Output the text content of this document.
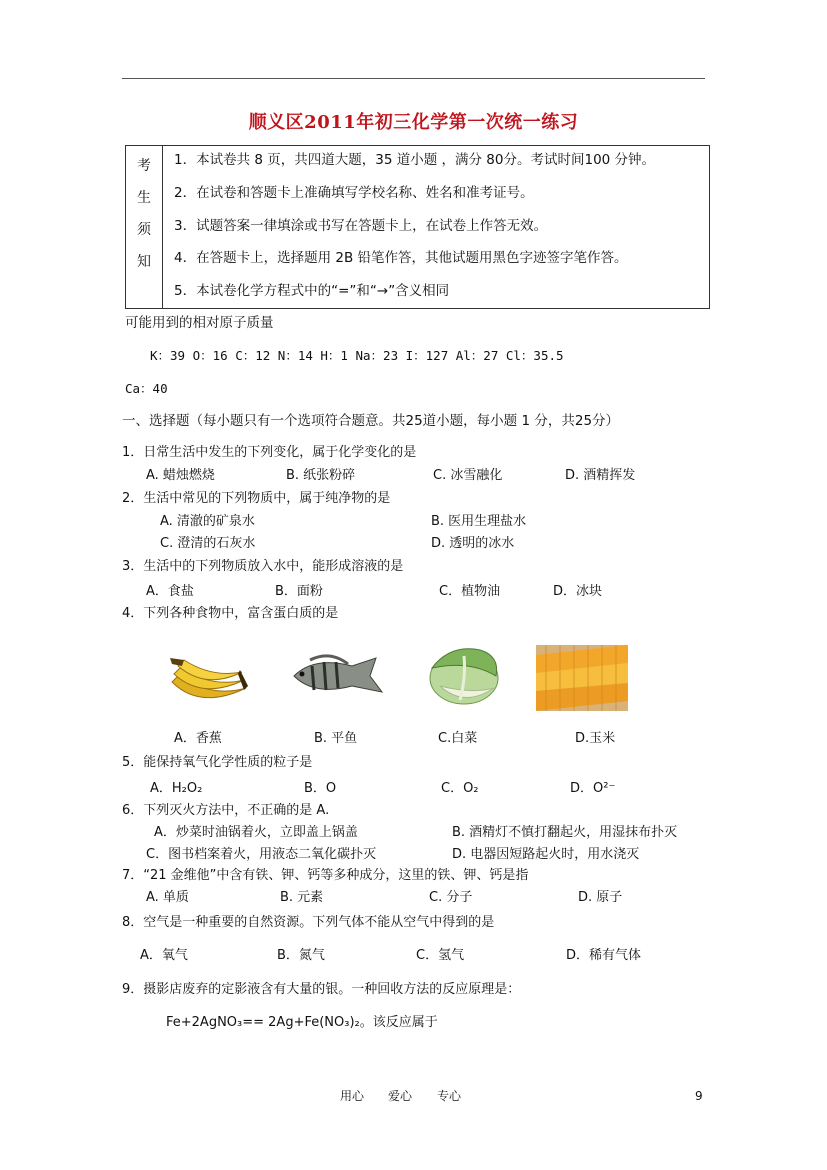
顺义区2011年初三化学第一次统一练习
考
生
须
知
1．本试卷共 8 页，共四道大题，35 道小题 ，满分 80分。考试时间100 分钟。
2．在试卷和答题卡上准确填写学校名称、姓名和准考证号。
3．试题答案一律填涂或书写在答题卡上，在试卷上作答无效。
4．在答题卡上，选择题用 2B 铅笔作答，其他试题用黑色字迹签字笔作答。
5．本试卷化学方程式中的“=”和“→”含义相同
可能用到的相对原子质量
K：39 O：16 C：12 N：14 H：1 Na：23 I：127 Al：27 Cl：35.5
Ca：40
一、选择题（每小题只有一个选项符合题意。共25道小题，每小题 1 分，共25分）
1．日常生活中发生的下列变化，属于化学变化的是
A. 蜡烛燃烧	B. 纸张粉碎	C. 冰雪融化	D. 酒精挥发
2．生活中常见的下列物质中，属于纯净物的是
A. 清澈的矿泉水	B. 医用生理盐水
C. 澄清的石灰水	D. 透明的冰水
3．生活中的下列物质放入水中，能形成溶液的是
A．食盐	B．面粉	C．植物油	D．冰块
4．下列各种食物中，富含蛋白质的是
A．香蕉	B. 平鱼	C.白菜	D.玉米
5．能保持氧气化学性质的粒子是
A．H₂O₂	B．O	C．O₂	D．O²⁻
6．下列灭火方法中，不正确的是 A.
A．炒菜时油锅着火，立即盖上锅盖	B. 酒精灯不慎打翻起火，用湿抹布扑灭
C．图书档案着火，用液态二氧化碳扑灭	D. 电器因短路起火时，用水浇灭
7．“21 金维他”中含有铁、钾、钙等多种成分，这里的铁、钾、钙是指
A. 单质	B. 元素	C. 分子	D. 原子
8．空气是一种重要的自然资源。下列气体不能从空气中得到的是
A．氧气	B．氮气	C．氢气	D．稀有气体
9．摄影店废弃的定影液含有大量的银。一种回收方法的反应原理是：
Fe+2AgNO₃== 2Ag+Fe(NO₃)₂。该反应属于
用心 爱心 专心	9
